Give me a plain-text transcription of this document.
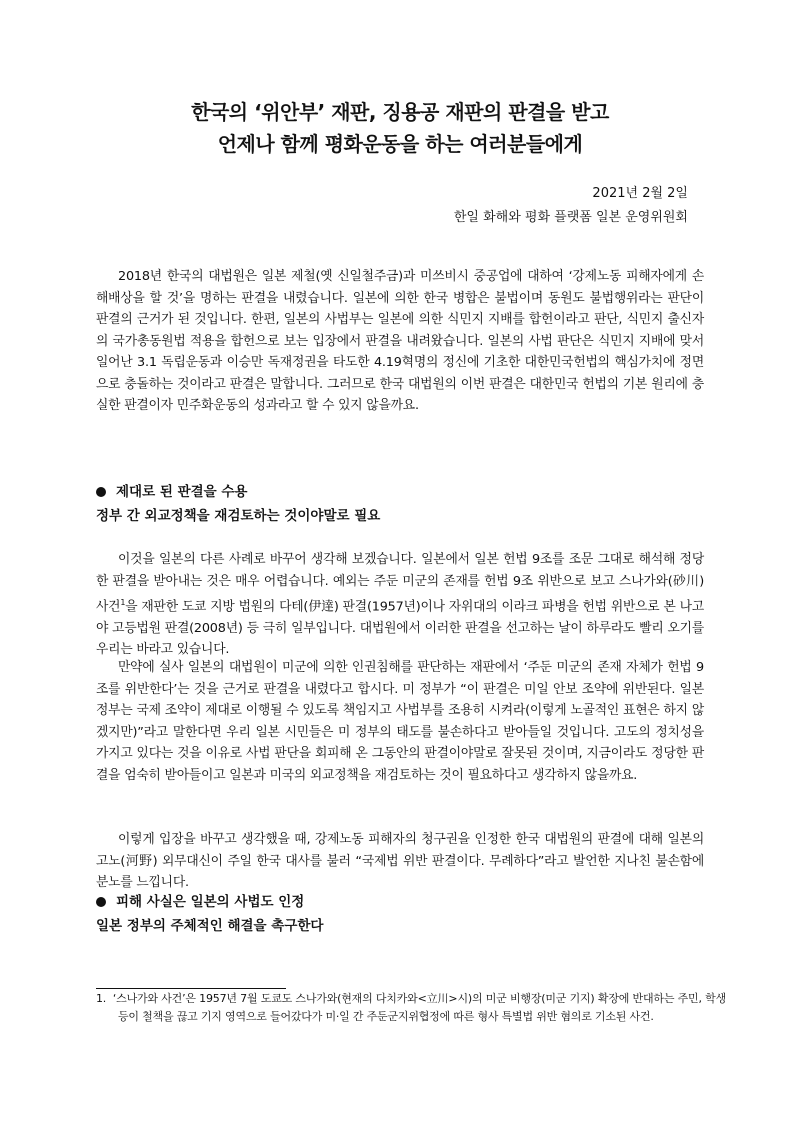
한국의 ‘위안부’ 재판, 징용공 재판의 판결을 받고
언제나 함께 평화운동을 하는 여러분들에게
2021년 2월 2일
한일 화해와 평화 플랫폼 일본 운영위원회

2018년 한국의 대법원은 일본 제철(옛 신일철주금)과 미쓰비시 중공업에 대하여 ‘강제노동 피해자에게 손해배상을 할 것’을 명하는 판결을 내렸습니다. 일본에 의한 한국 병합은 불법이며 동원도 불법행위라는 판단이 판결의 근거가 된 것입니다. 한편, 일본의 사법부는 일본에 의한 식민지 지배를 합헌이라고 판단, 식민지 출신자의 국가총동원법 적용을 합헌으로 보는 입장에서 판결을 내려왔습니다. 일본의 사법 판단은 식민지 지배에 맞서 일어난 3.1 독립운동과 이승만 독재정권을 타도한 4.19혁명의 정신에 기초한 대한민국헌법의 핵심가치에 정면으로 충돌하는 것이라고 판결은 말합니다. 그러므로 한국 대법원의 이번 판결은 대한민국 헌법의 기본 원리에 충실한 판결이자 민주화운동의 성과라고 할 수 있지 않을까요.

제대로 된 판결을 수용
정부 간 외교정책을 재검토하는 것이야말로 필요

이것을 일본의 다른 사례로 바꾸어 생각해 보겠습니다. 일본에서 일본 헌법 9조를 조문 그대로 해석해 정당한 판결을 받아내는 것은 매우 어렵습니다. 예외는 주둔 미군의 존재를 헌법 9조 위반으로 보고 스나가와(砂川)사건$^1$을 재판한 도쿄 지방 법원의 다테(伊達) 판결(1957년)이나 자위대의 이라크 파병을 헌법 위반으로 본 나고야 고등법원 판결(2008년) 등 극히 일부입니다. 대법원에서 이러한 판결을 선고하는 날이 하루라도 빨리 오기를 우리는 바라고 있습니다.

만약에 실사 일본의 대법원이 미군에 의한 인권침해를 판단하는 재판에서 ‘주둔 미군의 존재 자체가 헌법 9조를 위반한다’는 것을 근거로 판결을 내렸다고 합시다. 미 정부가 “이 판결은 미일 안보 조약에 위반된다. 일본 정부는 국제 조약이 제대로 이행될 수 있도록 책임지고 사법부를 조용히 시켜라(이렇게 노골적인 표현은 하지 않겠지만)”라고 말한다면 우리 일본 시민들은 미 정부의 태도를 불손하다고 받아들일 것입니다. 고도의 정치성을 가지고 있다는 것을 이유로 사법 판단을 회피해 온 그동안의 판결이야말로 잘못된 것이며, 지금이라도 정당한 판결을 엄숙히 받아들이고 일본과 미국의 외교정책을 재검토하는 것이 필요하다고 생각하지 않을까요.

이렇게 입장을 바꾸고 생각했을 때, 강제노동 피해자의 청구권을 인정한 한국 대법원의 판결에 대해 일본의 고노(河野) 외무대신이 주일 한국 대사를 불러 “국제법 위반 판결이다. 무례하다”라고 발언한 지나친 불손함에 분노를 느낍니다.

피해 사실은 일본의 사법도 인정
일본 정부의 주체적인 해결을 촉구한다
1. ‘스나가와 사건’은 1957년 7월 도쿄도 스나가와(현재의 다치카와<立川>시)의 미군 비행장(미군 기지) 확장에 반대하는 주민, 학생 등이 철책을 끊고 기지 영역으로 들어갔다가 미·일 간 주둔군지위협정에 따른 형사 특별법 위반 혐의로 기소된 사건.
